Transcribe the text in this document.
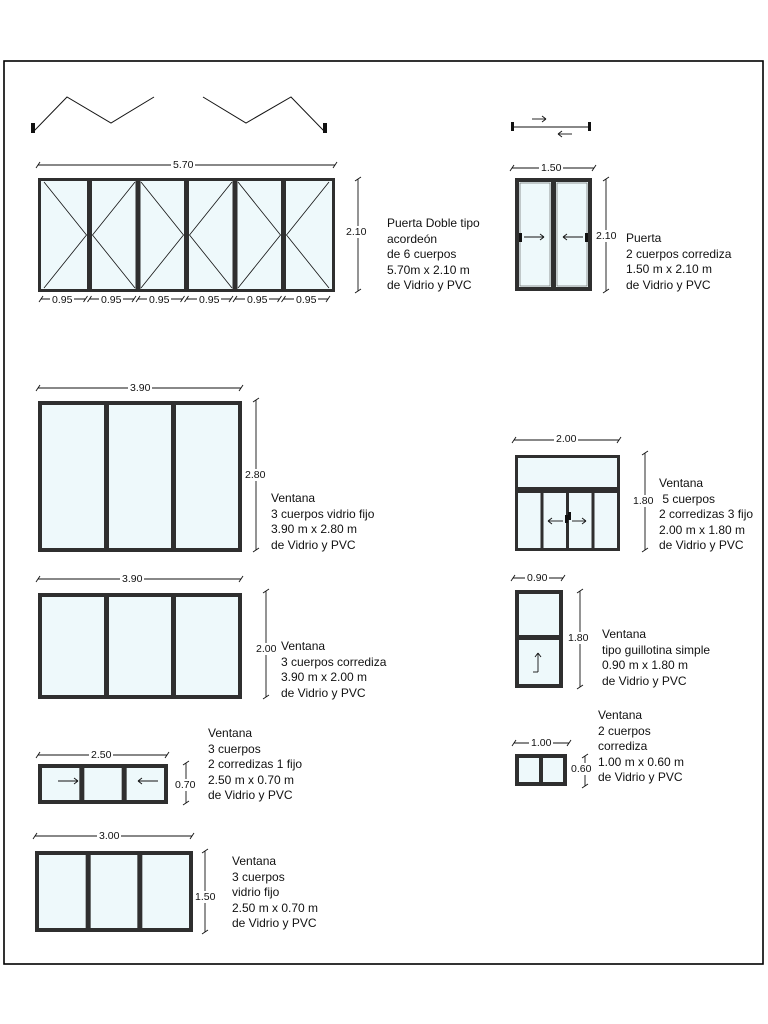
5.70
2.10
0.95	0.95	0.95	0.95	0.95	0.95
Puerta Doble tipo
acordeón
de 6 cuerpos
5.70m x 2.10 m
de Vidrio y PVC
1.50
2.10 Puerta
2 cuerpos corrediza
1.50 m x 2.10 m
de Vidrio y PVC
3.90
2.80
Ventana
3 cuerpos vidrio fijo
3.90 m x 2.80 m
de Vidrio y PVC
2.00
1.80
Ventana
5 cuerpos
2 corredizas 3 fijo
2.00 m x 1.80 m
de Vidrio y PVC
3.90
2.00 Ventana
3 cuerpos corrediza
3.90 m x 2.00 m
de Vidrio y PVC
0.90
1.80 Ventana
tipo guillotina simple
0.90 m x 1.80 m
de Vidrio y PVC
2.50
0.70
Ventana
3 cuerpos
2 corredizas 1 fijo
2.50 m x 0.70 m
de Vidrio y PVC
1.00
0.60
Ventana
2 cuerpos
corrediza
1.00 m x 0.60 m
de Vidrio y PVC
3.00
1.50
Ventana
3 cuerpos
vidrio fijo
2.50 m x 0.70 m
de Vidrio y PVC
